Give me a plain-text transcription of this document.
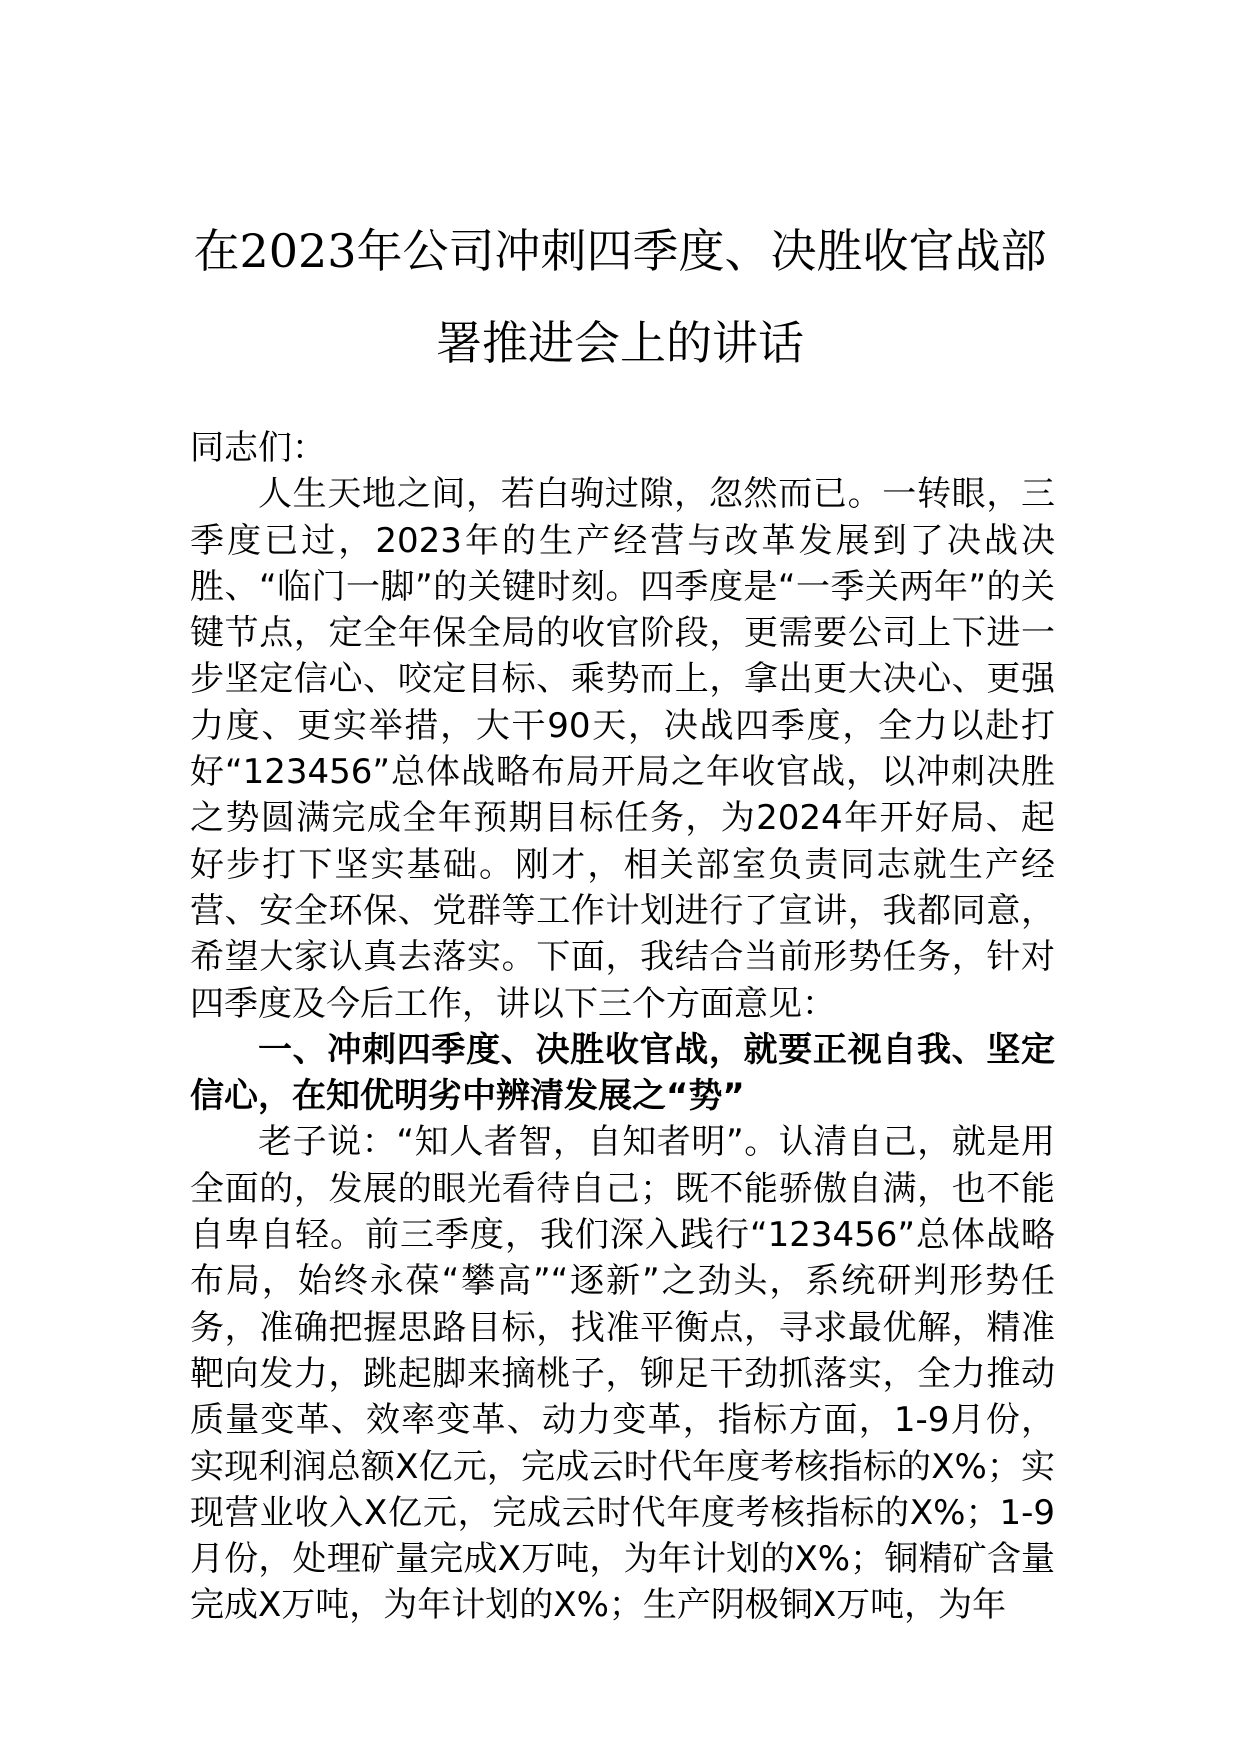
在2023年公司冲刺四季度、决胜收官战部
署推进会上的讲话

同志们：

人生天地之间，若白驹过隙，忽然而已。一转眼，三季度已过，2023年的生产经营与改革发展到了决战决胜、“临门一脚”的关键时刻。四季度是“一季关两年”的关键节点，定全年保全局的收官阶段，更需要公司上下进一步坚定信心、咬定目标、乘势而上，拿出更大决心、更强力度、更实举措，大干90天，决战四季度，全力以赴打好“123456”总体战略布局开局之年收官战，以冲刺决胜之势圆满完成全年预期目标任务，为2024年开好局、起好步打下坚实基础。刚才，相关部室负责同志就生产经营、安全环保、党群等工作计划进行了宣讲，我都同意，希望大家认真去落实。下面，我结合当前形势任务，针对四季度及今后工作，讲以下三个方面意见：

一、冲刺四季度、决胜收官战，就要正视自我、坚定信心，在知优明劣中辨清发展之“势”

老子说：“知人者智，自知者明”。认清自己，就是用全面的，发展的眼光看待自己；既不能骄傲自满，也不能自卑自轻。前三季度，我们深入践行“123456”总体战略布局，始终永葆“攀高”“逐新”之劲头，系统研判形势任务，准确把握思路目标，找准平衡点，寻求最优解，精准靶向发力，跳起脚来摘桃子，铆足干劲抓落实，全力推动质量变革、效率变革、动力变革，指标方面，1-9月份，实现利润总额X亿元，完成云时代年度考核指标的X%；实现营业收入X亿元，完成云时代年度考核指标的X%；1-9月份，处理矿量完成X万吨，为年计划的X%；铜精矿含量完成X万吨，为年计划的X%；生产阴极铜X万吨，为年
